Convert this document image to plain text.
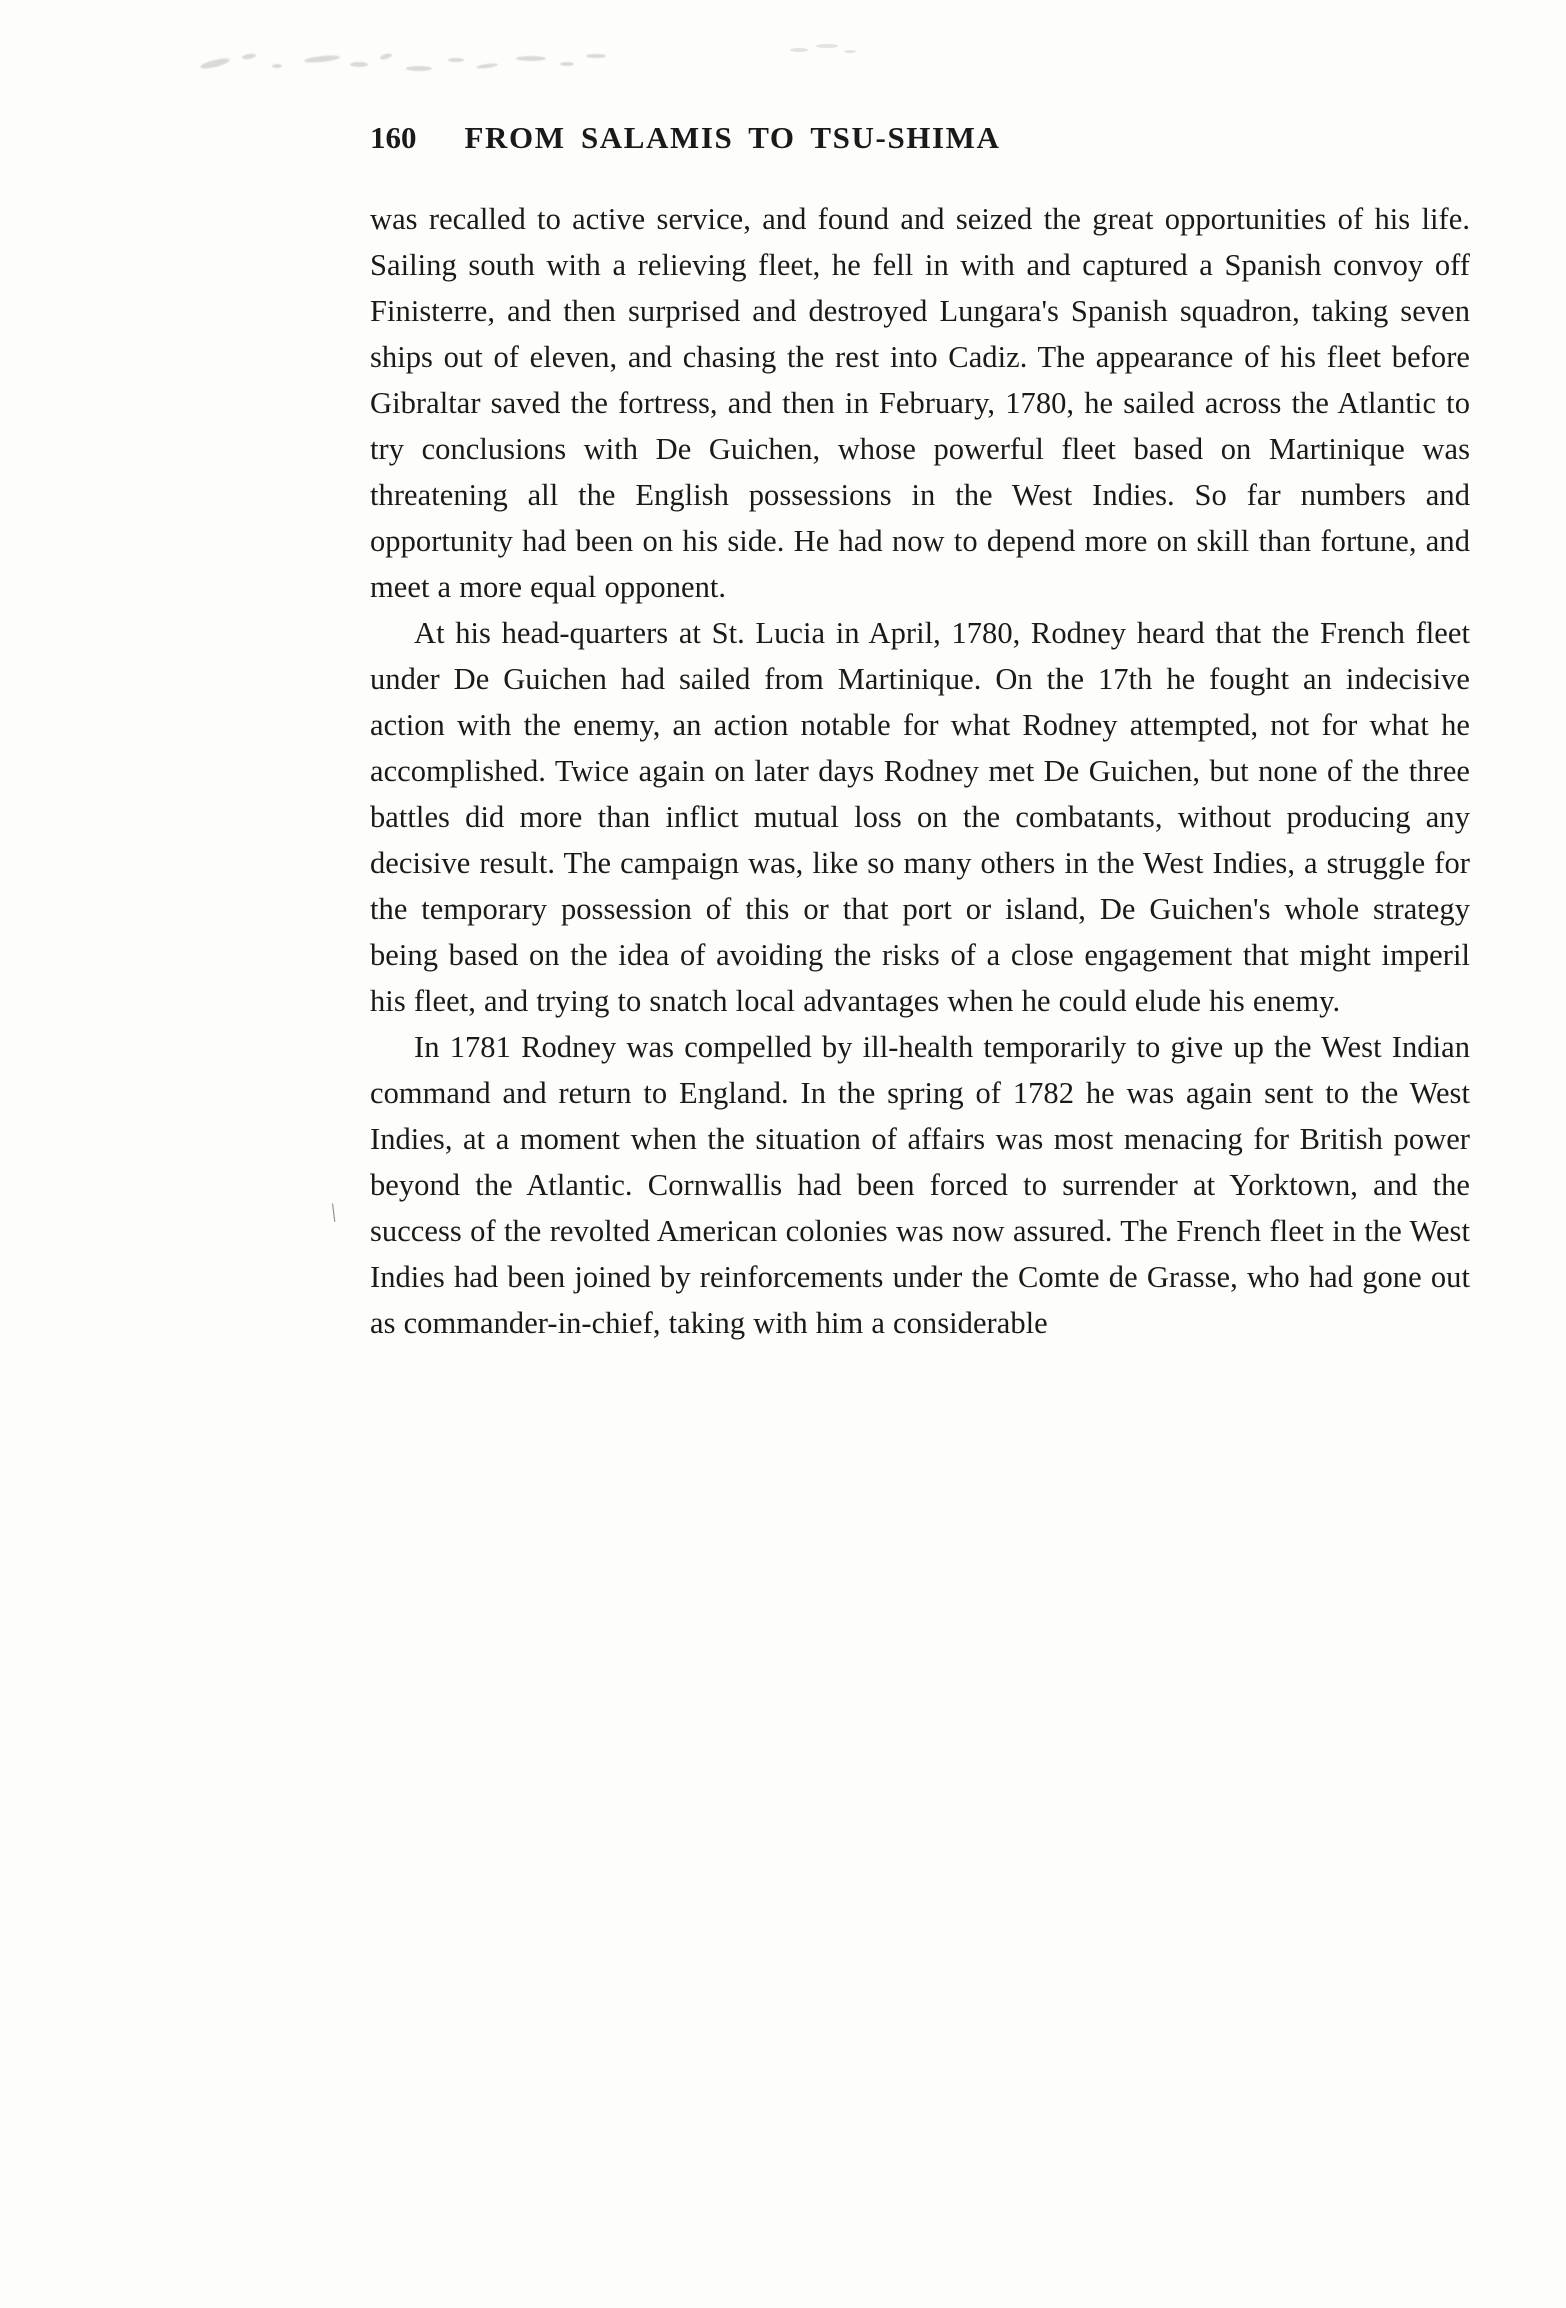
\
160 FROM SALAMIS TO TSU-SHIMA

was recalled to active service, and found and seized the great opportunities of his life. Sailing south with a relieving fleet, he fell in with and captured a Spanish convoy off Finisterre, and then surprised and destroyed Lungara's Spanish squadron, taking seven ships out of eleven, and chasing the rest into Cadiz. The appearance of his fleet before Gibraltar saved the fortress, and then in February, 1780, he sailed across the Atlantic to try conclusions with De Guichen, whose powerful fleet based on Martinique was threatening all the English possessions in the West Indies. So far numbers and opportunity had been on his side. He had now to depend more on skill than fortune, and meet a more equal opponent.

At his head-quarters at St. Lucia in April, 1780, Rodney heard that the French fleet under De Guichen had sailed from Martinique. On the 17th he fought an indecisive action with the enemy, an action notable for what Rodney attempted, not for what he accomplished. Twice again on later days Rodney met De Guichen, but none of the three battles did more than inflict mutual loss on the combatants, without producing any decisive result. The campaign was, like so many others in the West Indies, a struggle for the temporary possession of this or that port or island, De Guichen's whole strategy being based on the idea of avoiding the risks of a close engagement that might imperil his fleet, and trying to snatch local advantages when he could elude his enemy.

In 1781 Rodney was compelled by ill-health temporarily to give up the West Indian command and return to England. In the spring of 1782 he was again sent to the West Indies, at a moment when the situation of affairs was most menacing for British power beyond the Atlantic. Cornwallis had been forced to surrender at Yorktown, and the success of the revolted American colonies was now assured. The French fleet in the West Indies had been joined by reinforcements under the Comte de Grasse, who had gone out as commander-in-chief, taking with him a considerable
